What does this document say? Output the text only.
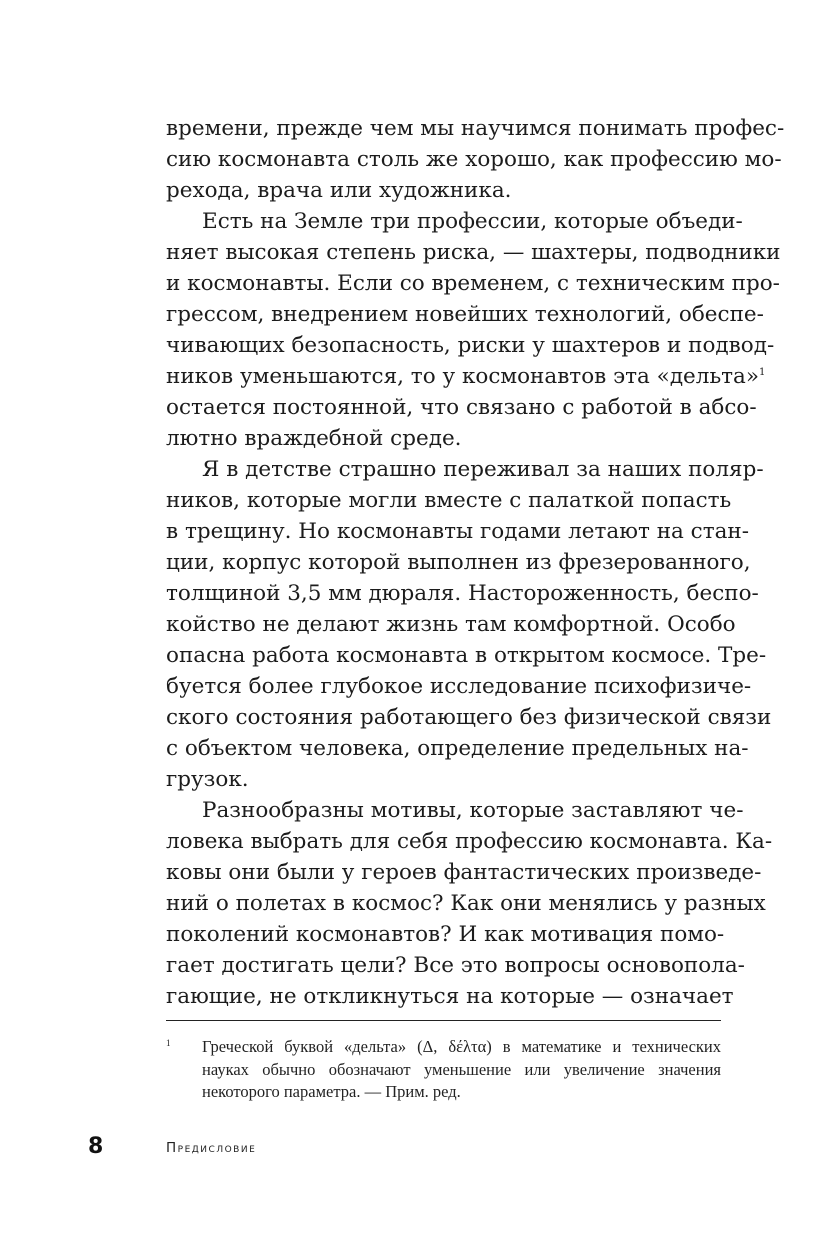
времени, прежде чем мы научимся понимать профес-
сию космонавта столь же хорошо, как профессию мо-
рехода, врача или художника.
Есть на Земле три профессии, которые объеди-
няет высокая степень риска, — шахтеры, подводники
и космонавты. Если со временем, с техническим про-
грессом, внедрением новейших технологий, обеспе-
чивающих безопасность, риски у шахтеров и подвод-
ников уменьшаются, то у космонавтов эта «дельта»$^1$
остается постоянной, что связано с работой в абсо-
лютно враждебной среде.
Я в детстве страшно переживал за наших поляр-
ников, которые могли вместе с палаткой попасть
в трещину. Но космонавты годами летают на стан-
ции, корпус которой выполнен из фрезерованного,
толщиной 3,5 мм дюраля. Настороженность, беспо-
койство не делают жизнь там комфортной. Особо
опасна работа космонавта в открытом космосе. Тре-
буется более глубокое исследование психофизиче-
ского состояния работающего без физической связи
с объектом человека, определение предельных на-
грузок.
Разнообразны мотивы, которые заставляют че-
ловека выбрать для себя профессию космонавта. Ка-
ковы они были у героев фантастических произведе-
ний о полетах в космос? Как они менялись у разных
поколений космонавтов? И как мотивация помо-
гает достигать цели? Все это вопросы основопола-
гающие, не откликнуться на которые — означает
1 Греческой буквой «дельта» (Δ, δέλτα) в математике и технических
науках обычно обозначают уменьшение или увеличение значения
некоторого параметра. — Прим. ред.
8	Предисловие
